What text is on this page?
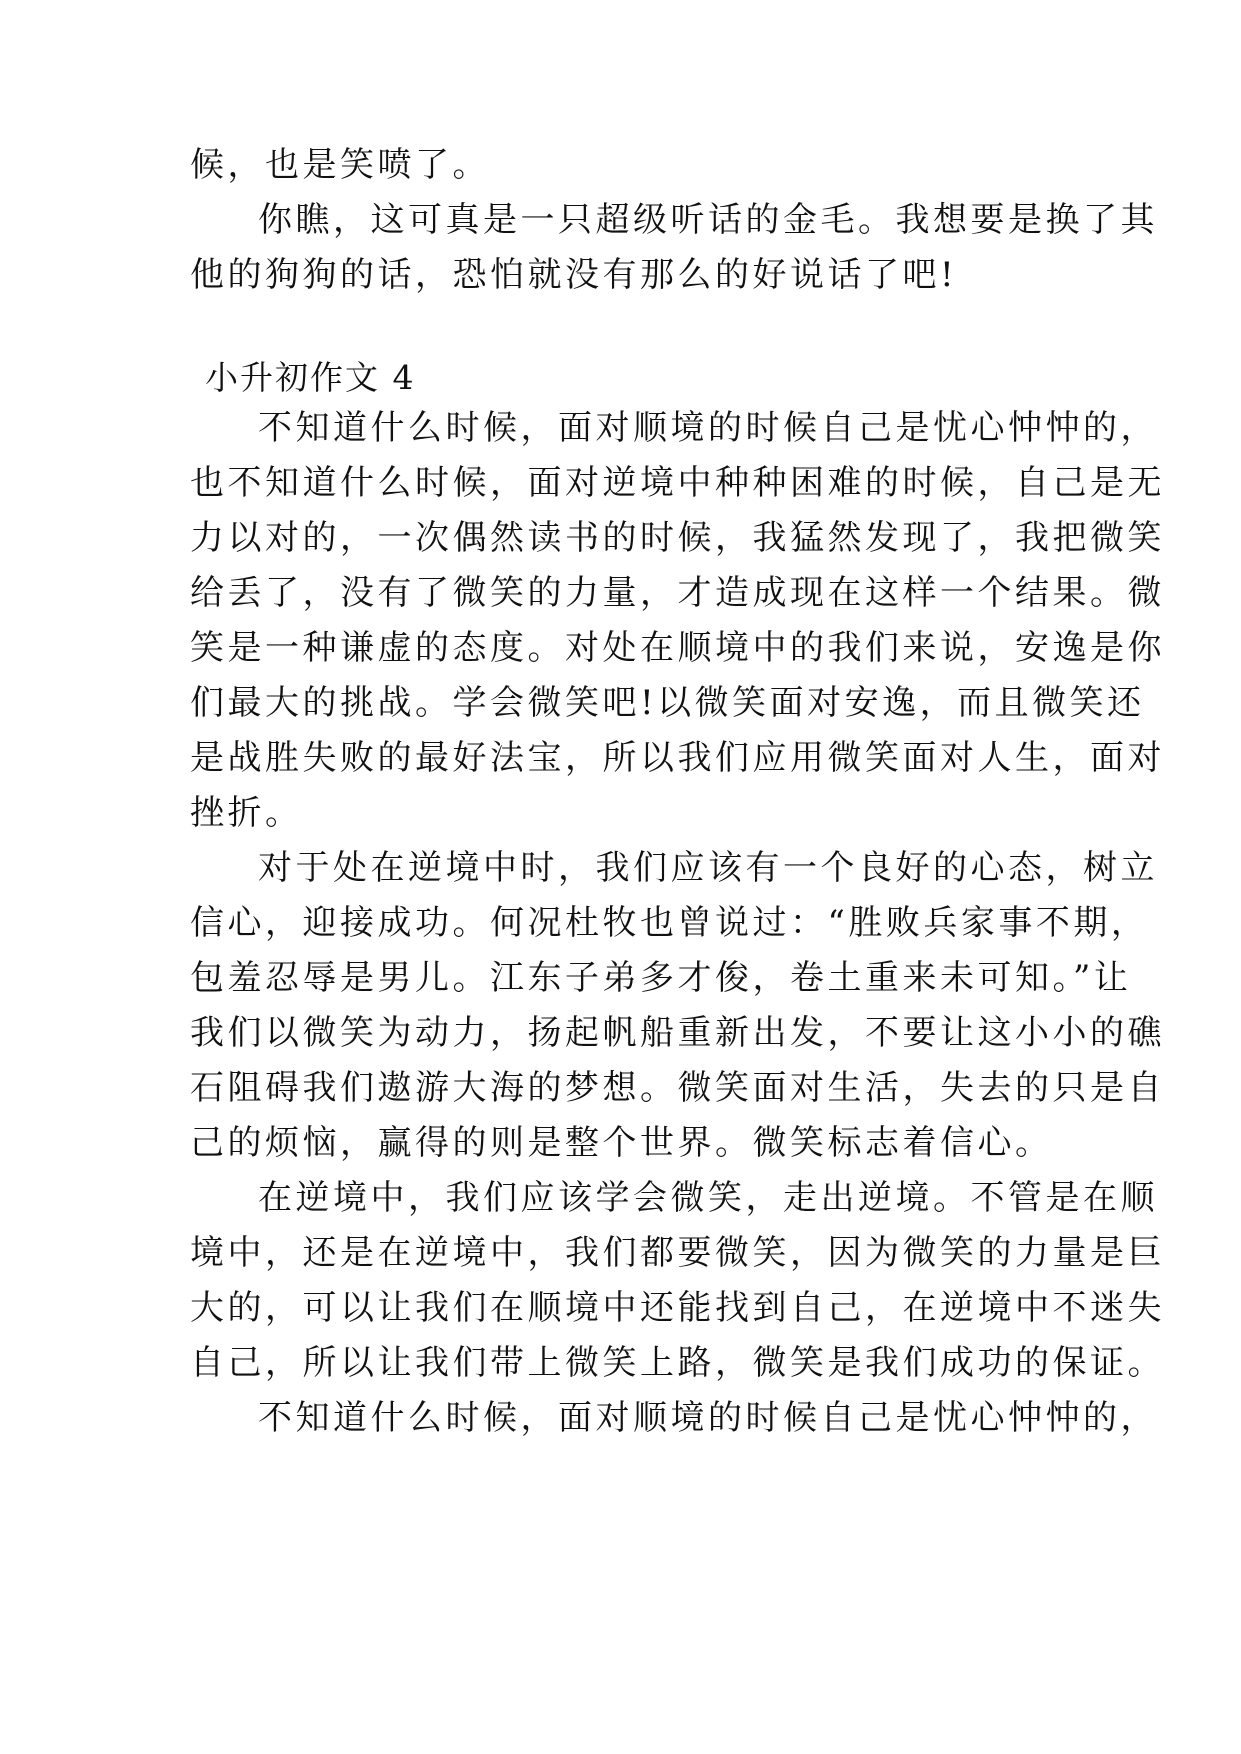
候，也是笑喷了。
你瞧，这可真是一只超级听话的金毛。我想要是换了其
他的狗狗的话，恐怕就没有那么的好说话了吧!
小升初作文 4
不知道什么时候，面对顺境的时候自己是忧心忡忡的，
也不知道什么时候，面对逆境中种种困难的时候，自己是无
力以对的，一次偶然读书的时候，我猛然发现了，我把微笑
给丢了，没有了微笑的力量，才造成现在这样一个结果。微
笑是一种谦虚的态度。对处在顺境中的我们来说，安逸是你
们最大的挑战。学会微笑吧!以微笑面对安逸，而且微笑还
是战胜失败的最好法宝，所以我们应用微笑面对人生，面对
挫折。
对于处在逆境中时，我们应该有一个良好的心态，树立
信心，迎接成功。何况杜牧也曾说过：“胜败兵家事不期，
包羞忍辱是男儿。江东子弟多才俊，卷土重来未可知。”让
我们以微笑为动力，扬起帆船重新出发，不要让这小小的礁
石阻碍我们遨游大海的梦想。微笑面对生活，失去的只是自
己的烦恼，赢得的则是整个世界。微笑标志着信心。
在逆境中，我们应该学会微笑，走出逆境。不管是在顺
境中，还是在逆境中，我们都要微笑，因为微笑的力量是巨
大的，可以让我们在顺境中还能找到自己，在逆境中不迷失
自己，所以让我们带上微笑上路，微笑是我们成功的保证。
不知道什么时候，面对顺境的时候自己是忧心忡忡的，
